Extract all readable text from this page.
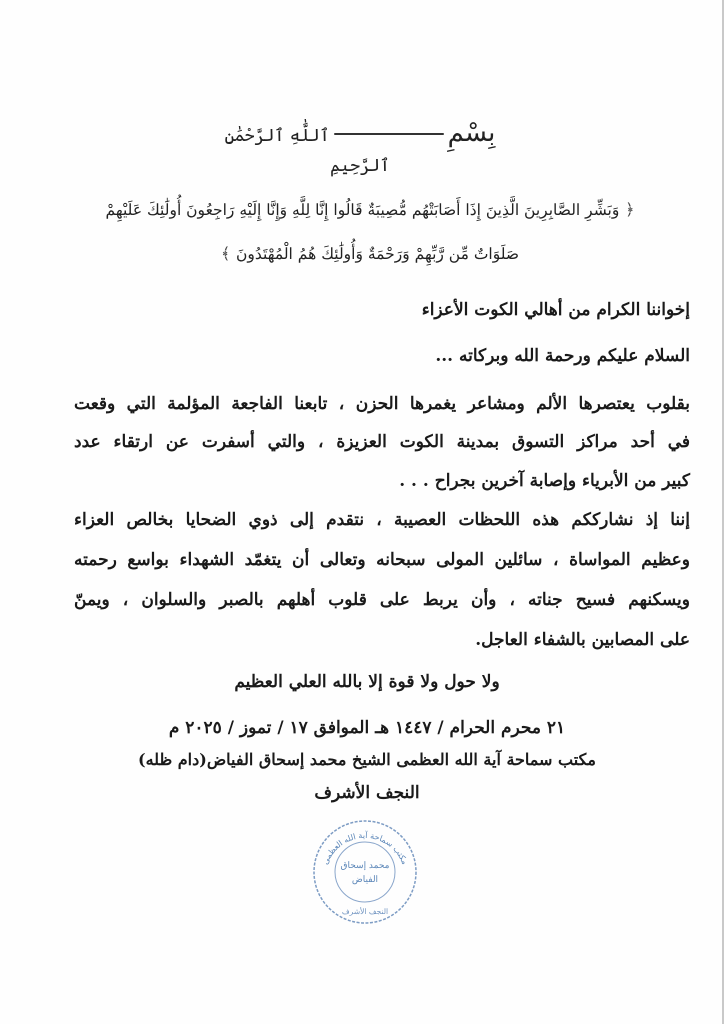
بِسْمِٱللَّٰهِ ٱلرَّحْمَٰنِ ٱلرَّحِيمِ
﴿ وَبَشِّرِ الصَّابِرِينَ الَّذِينَ إِذَا أَصَابَتْهُم مُّصِيبَةٌ قَالُوا إِنَّا لِلَّهِ وَإِنَّا إِلَيْهِ رَاجِعُونَ أُولَٰئِكَ عَلَيْهِمْ
صَلَوَاتٌ مِّن رَّبِّهِمْ وَرَحْمَةٌ وَأُولَٰئِكَ هُمُ الْمُهْتَدُونَ ﴾
إخواننا الكرام من أهالي الكوت الأعزاء
السلام عليكم ورحمة الله وبركاته ...
بقلوب يعتصرها الألم ومشاعر يغمرها الحزن ، تابعنا الفاجعة المؤلمة التي وقعت
في أحد مراكز التسوق بمدينة الكوت العزيزة ، والتي أسفرت عن ارتقاء عدد
كبير من الأبرياء وإصابة آخرين بجراح . . .
إننا إذ نشارككم هذه اللحظات العصيبة ، نتقدم إلى ذوي الضحايا بخالص العزاء
وعظيم المواساة ، سائلين المولى سبحانه وتعالى أن يتغمّد الشهداء بواسع رحمته
ويسكنهم فسيح جناته ، وأن يربط على قلوب أهلهم بالصبر والسلوان ، ويمنّ
على المصابين بالشفاء العاجل.
ولا حول ولا قوة إلا بالله العلي العظيم
٢١ محرم الحرام / ١٤٤٧ هـ الموافق ١٧ / تموز / ٢٠٢٥ م
مكتب سماحة آية الله العظمى الشيخ محمد إسحاق الفياض(دام ظله)
النجف الأشرف
مكتب سماحة آية الله العظمى
محمد إسحاق
الفياض
النجف الأشرف
